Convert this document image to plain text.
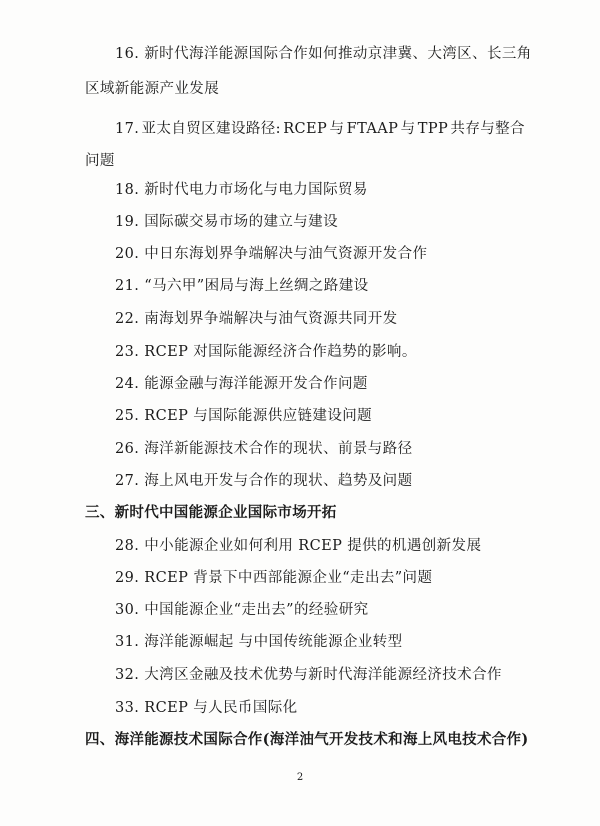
16. 新时代海洋能源国际合作如何推动京津冀、大湾区、长三角
区域新能源产业发展
17. 亚太自贸区建设路径: RCEP 与 FTAAP 与 TPP 共存与整合
问题
18. 新时代电力市场化与电力国际贸易
19. 国际碳交易市场的建立与建设
20. 中日东海划界争端解决与油气资源开发合作
21. “马六甲”困局与海上丝绸之路建设
22. 南海划界争端解决与油气资源共同开发
23. RCEP 对国际能源经济合作趋势的影响。
24. 能源金融与海洋能源开发合作问题
25. RCEP 与国际能源供应链建设问题
26. 海洋新能源技术合作的现状、前景与路径
27. 海上风电开发与合作的现状、趋势及问题
三、新时代中国能源企业国际市场开拓
28. 中小能源企业如何利用 RCEP 提供的机遇创新发展
29. RCEP 背景下中西部能源企业“走出去”问题
30. 中国能源企业“走出去”的经验研究
31. 海洋能源崛起 与中国传统能源企业转型
32. 大湾区金融及技术优势与新时代海洋能源经济技术合作
33. RCEP 与人民币国际化
四、海洋能源技术国际合作(海洋油气开发技术和海上风电技术合作)
2
